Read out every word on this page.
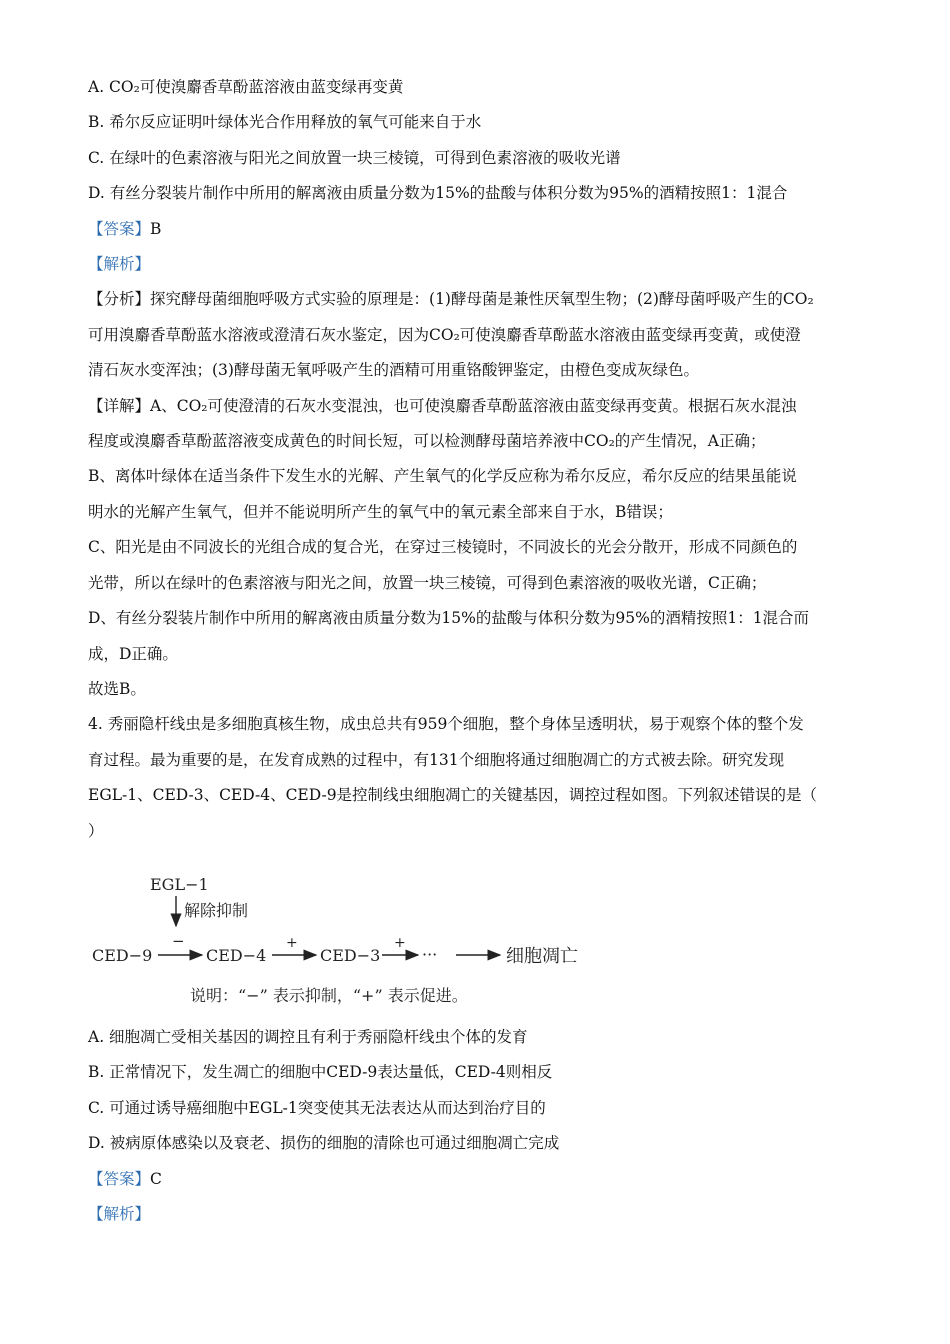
A. CO₂可使溴麝香草酚蓝溶液由蓝变绿再变黄
B. 希尔反应证明叶绿体光合作用释放的氧气可能来自于水
C. 在绿叶的色素溶液与阳光之间放置一块三棱镜，可得到色素溶液的吸收光谱
D. 有丝分裂装片制作中所用的解离液由质量分数为15%的盐酸与体积分数为95%的酒精按照1：1混合
【答案】B
【解析】
【分析】探究酵母菌细胞呼吸方式实验的原理是：(1)酵母菌是兼性厌氧型生物；(2)酵母菌呼吸产生的CO₂
可用溴麝香草酚蓝水溶液或澄清石灰水鉴定，因为CO₂可使溴麝香草酚蓝水溶液由蓝变绿再变黄，或使澄
清石灰水变浑浊；(3)酵母菌无氧呼吸产生的酒精可用重铬酸钾鉴定，由橙色变成灰绿色。
【详解】A、CO₂可使澄清的石灰水变混浊，也可使溴麝香草酚蓝溶液由蓝变绿再变黄。根据石灰水混浊
程度或溴麝香草酚蓝溶液变成黄色的时间长短，可以检测酵母菌培养液中CO₂的产生情况，A正确；
B、离体叶绿体在适当条件下发生水的光解、产生氧气的化学反应称为希尔反应，希尔反应的结果虽能说
明水的光解产生氧气，但并不能说明所产生的氧气中的氧元素全部来自于水，B错误；
C、阳光是由不同波长的光组合成的复合光，在穿过三棱镜时，不同波长的光会分散开，形成不同颜色的
光带，所以在绿叶的色素溶液与阳光之间，放置一块三棱镜，可得到色素溶液的吸收光谱，C正确；
D、有丝分裂装片制作中所用的解离液由质量分数为15%的盐酸与体积分数为95%的酒精按照1：1混合而
成，D正确。
故选B。
4. 秀丽隐杆线虫是多细胞真核生物，成虫总共有959个细胞，整个身体呈透明状，易于观察个体的整个发
育过程。最为重要的是，在发育成熟的过程中，有131个细胞将通过细胞凋亡的方式被去除。研究发现
EGL-1、CED-3、CED-4、CED-9是控制线虫细胞凋亡的关键基因，调控过程如图。下列叙述错误的是（
）
EGL−1
解除抑制
−
CED−9	CED−4
+
CED−3
+
···	细胞凋亡
说明：“−” 表示抑制，“+” 表示促进。
A. 细胞凋亡受相关基因的调控且有利于秀丽隐杆线虫个体的发育
B. 正常情况下，发生凋亡的细胞中CED-9表达量低，CED-4则相反
C. 可通过诱导癌细胞中EGL-1突变使其无法表达从而达到治疗目的
D. 被病原体感染以及衰老、损伤的细胞的清除也可通过细胞凋亡完成
【答案】C
【解析】
